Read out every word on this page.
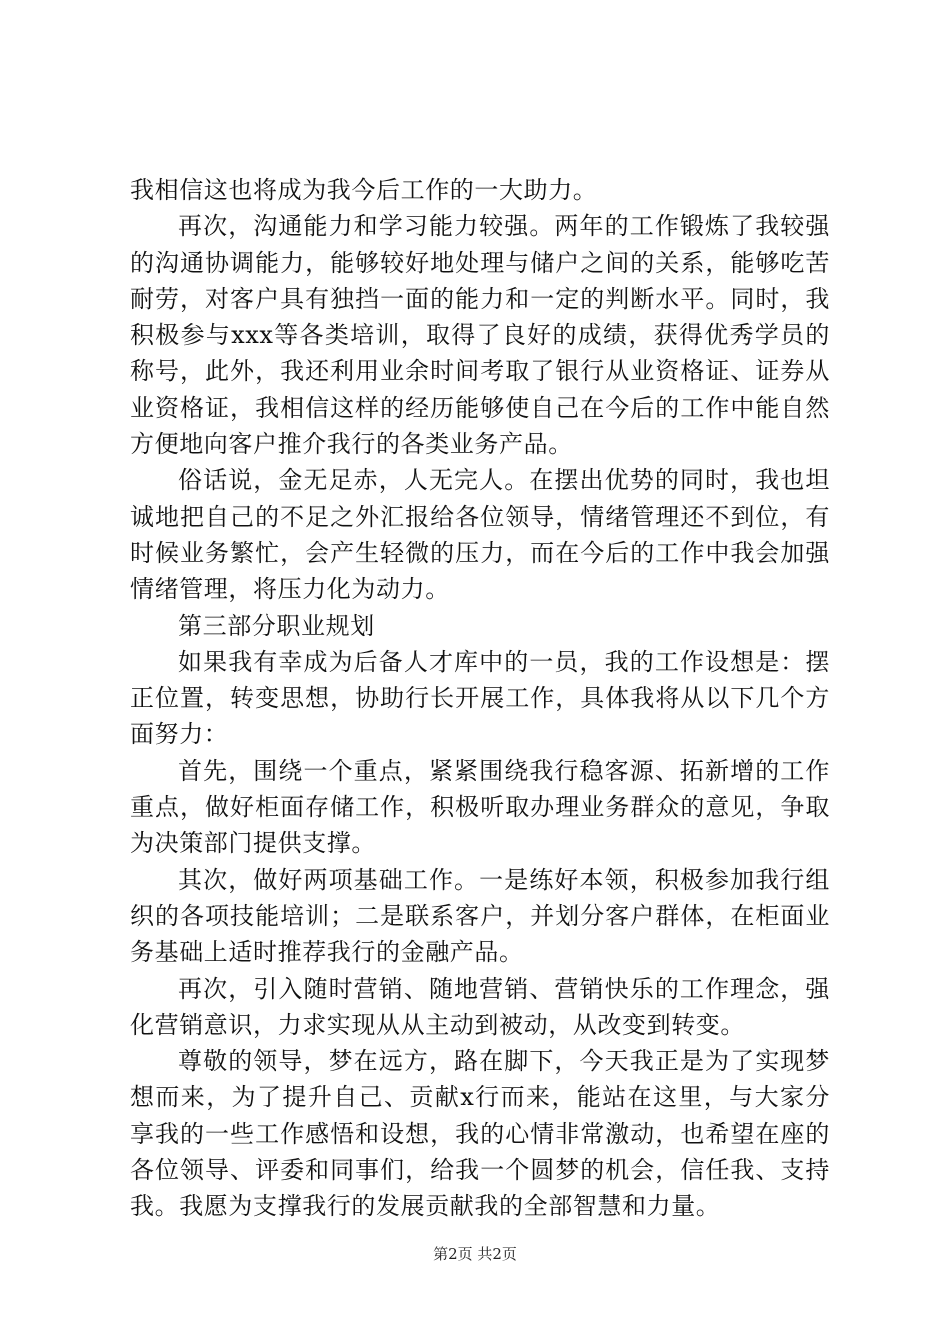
我相信这也将成为我今后工作的一大助力。

再次，沟通能力和学习能力较强。两年的工作锻炼了我较强的沟通协调能力，能够较好地处理与储户之间的关系，能够吃苦耐劳，对客户具有独挡一面的能力和一定的判断水平。同时，我积极参与xxx等各类培训，取得了良好的成绩，获得优秀学员的称号，此外，我还利用业余时间考取了银行从业资格证、证券从业资格证，我相信这样的经历能够使自己在今后的工作中能自然方便地向客户推介我行的各类业务产品。

俗话说，金无足赤，人无完人。在摆出优势的同时，我也坦诚地把自己的不足之外汇报给各位领导，情绪管理还不到位，有时候业务繁忙，会产生轻微的压力，而在今后的工作中我会加强情绪管理，将压力化为动力。

第三部分职业规划

如果我有幸成为后备人才库中的一员，我的工作设想是：摆正位置，转变思想，协助行长开展工作，具体我将从以下几个方面努力：

首先，围绕一个重点，紧紧围绕我行稳客源、拓新增的工作重点，做好柜面存储工作，积极听取办理业务群众的意见，争取为决策部门提供支撑。

其次，做好两项基础工作。一是练好本领，积极参加我行组织的各项技能培训；二是联系客户，并划分客户群体，在柜面业务基础上适时推荐我行的金融产品。

再次，引入随时营销、随地营销、营销快乐的工作理念，强化营销意识，力求实现从从主动到被动，从改变到转变。

尊敬的领导，梦在远方，路在脚下，今天我正是为了实现梦想而来，为了提升自己、贡献x行而来，能站在这里，与大家分享我的一些工作感悟和设想，我的心情非常激动，也希望在座的各位领导、评委和同事们，给我一个圆梦的机会，信任我、支持我。我愿为支撑我行的发展贡献我的全部智慧和力量。

第2页 共2页
